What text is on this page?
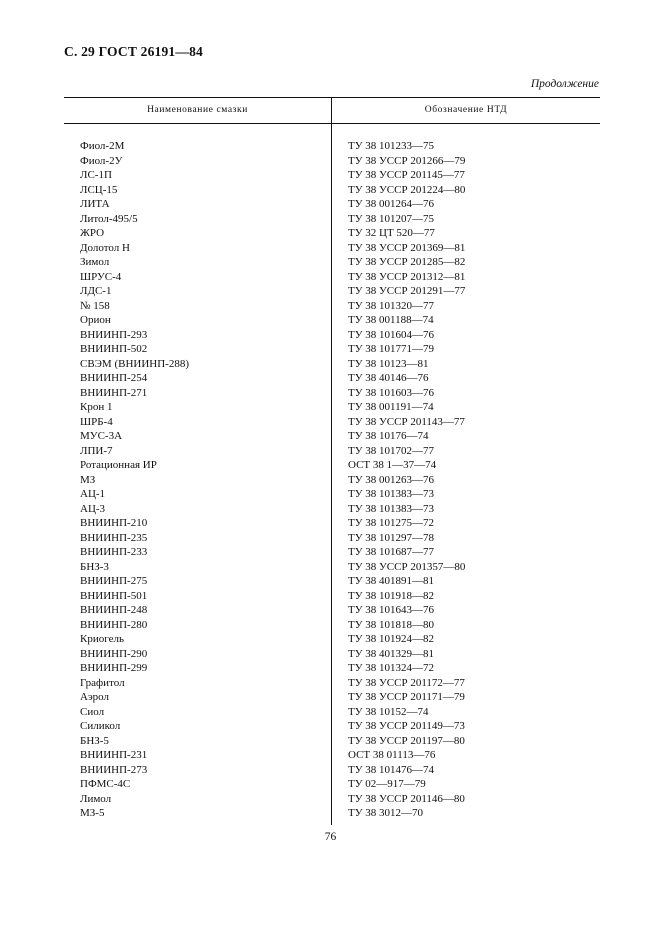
С. 29 ГОСТ 26191—84
Продолжение
Наименование смазки	Обозначение НТД
Фиол-2М	ТУ 38 101233—75
Фиол-2У	ТУ 38 УССР 201266—79
ЛС-1П	ТУ 38 УССР 201145—77
ЛСЦ-15	ТУ 38 УССР 201224—80
ЛИТА	ТУ 38 001264—76
Литол-495/5	ТУ 38 101207—75
ЖРО	ТУ 32 ЦТ 520—77
Долотол Н	ТУ 38 УССР 201369—81
Зимол	ТУ 38 УССР 201285—82
ШРУС-4	ТУ 38 УССР 201312—81
ЛДС-1	ТУ 38 УССР 201291—77
№ 158	ТУ 38 101320—77
Орион	ТУ 38 001188—74
ВНИИНП-293	ТУ 38 101604—76
ВНИИНП-502	ТУ 38 101771—79
СВЭМ (ВНИИНП-288)	ТУ 38 10123—81
ВНИИНП-254	ТУ 38 40146—76
ВНИИНП-271	ТУ 38 101603—76
Крон 1	ТУ 38 001191—74
ШРБ-4	ТУ 38 УССР 201143—77
МУС-3А	ТУ 38 10176—74
ЛПИ-7	ТУ 38 101702—77
Ротационная ИР	ОСТ 38 1—37—74
МЗ	ТУ 38 001263—76
АЦ-1	ТУ 38 101383—73
АЦ-3	ТУ 38 101383—73
ВНИИНП-210	ТУ 38 101275—72
ВНИИНП-235	ТУ 38 101297—78
ВНИИНП-233	ТУ 38 101687—77
БНЗ-3	ТУ 38 УССР 201357—80
ВНИИНП-275	ТУ 38 401891—81
ВНИИНП-501	ТУ 38 101918—82
ВНИИНП-248	ТУ 38 101643—76
ВНИИНП-280	ТУ 38 101818—80
Криогель	ТУ 38 101924—82
ВНИИНП-290	ТУ 38 401329—81
ВНИИНП-299	ТУ 38 101324—72
Графитол	ТУ 38 УССР 201172—77
Аэрол	ТУ 38 УССР 201171—79
Сиол	ТУ 38 10152—74
Силикол	ТУ 38 УССР 201149—73
БНЗ-5	ТУ 38 УССР 201197—80
ВНИИНП-231	ОСТ 38 01113—76
ВНИИНП-273	ТУ 38 101476—74
ПФМС-4С	ТУ 02—917—79
Лимол	ТУ 38 УССР 201146—80
МЗ-5	ТУ 38 3012—70
76
